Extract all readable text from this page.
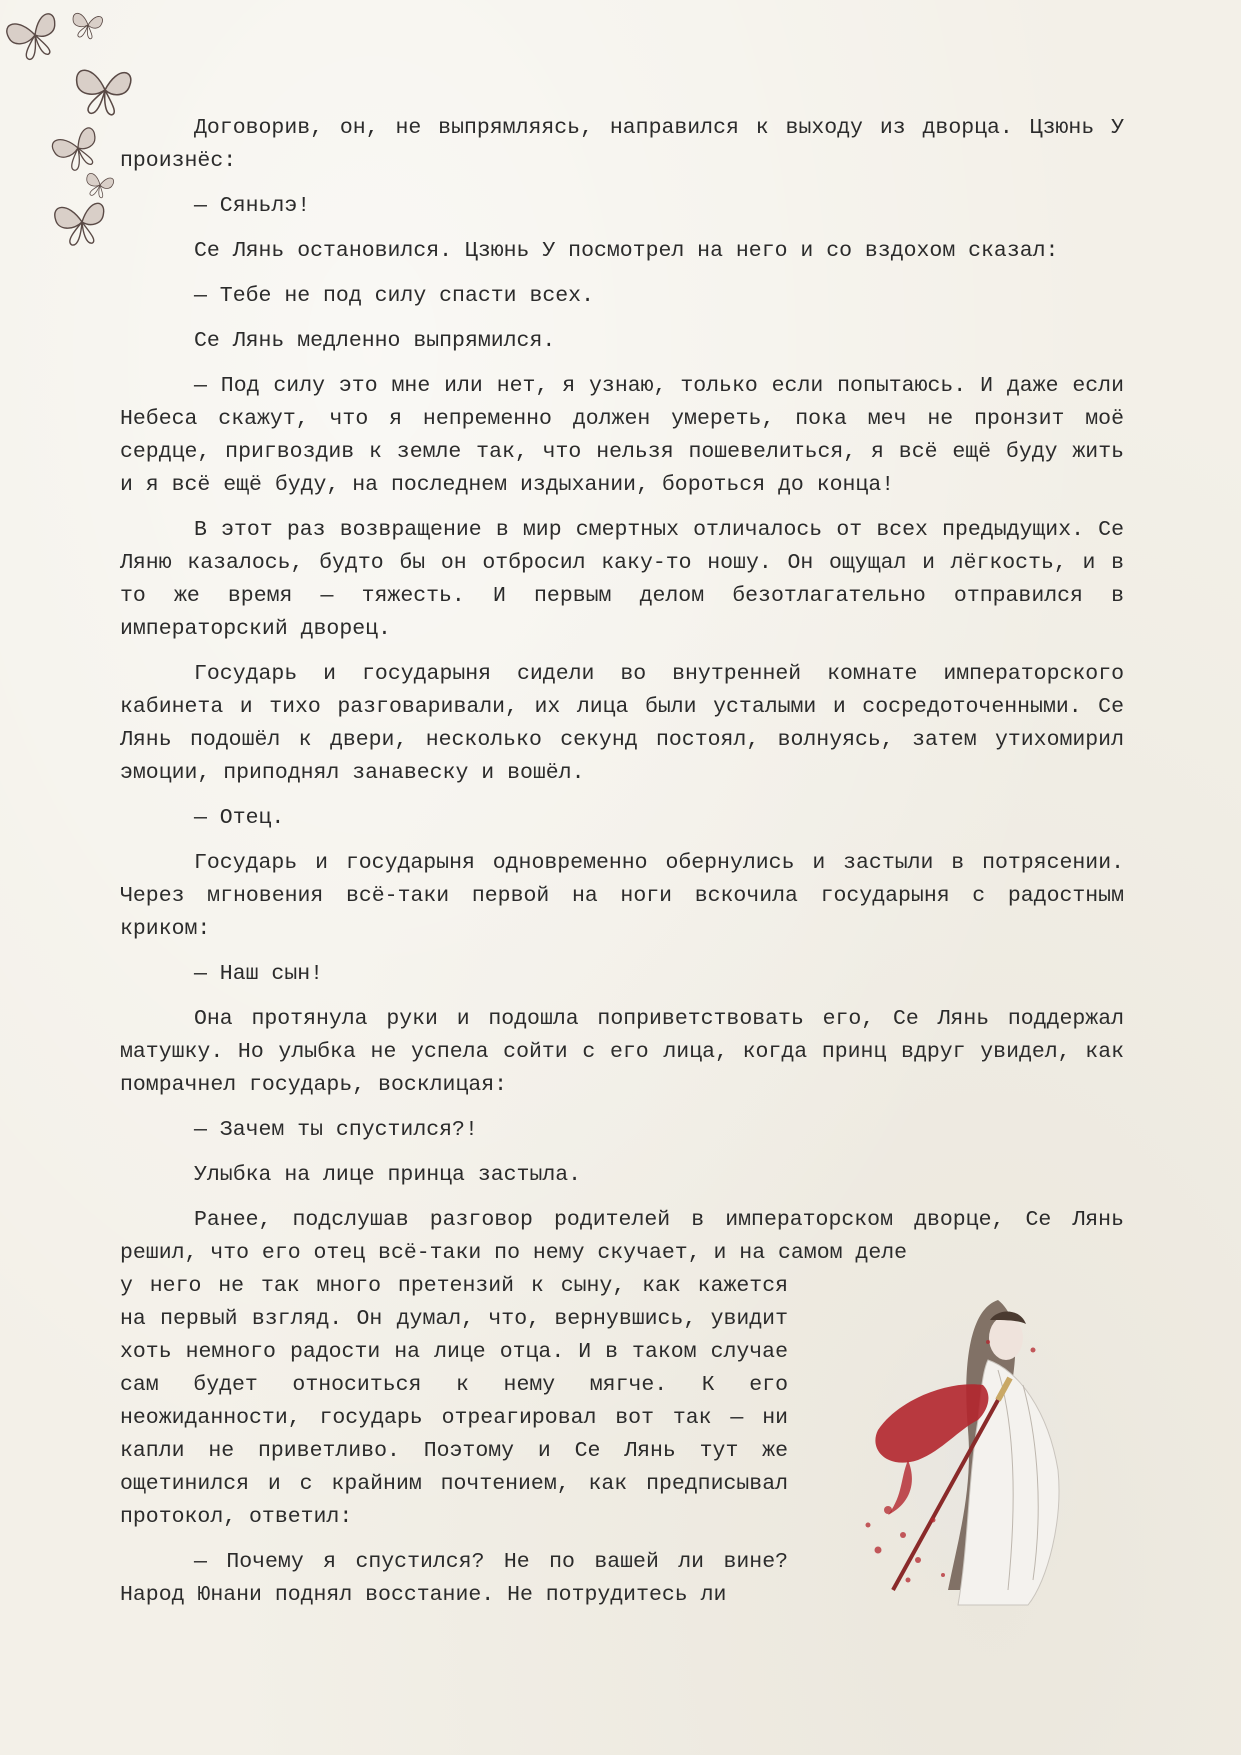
Договорив, он, не выпрямляясь, направился к выходу из дворца. Цзюнь У произнёс:

— Сяньлэ!

Се Лянь остановился. Цзюнь У посмотрел на него и со вздохом сказал:

— Тебе не под силу спасти всех.

Се Лянь медленно выпрямился.

— Под силу это мне или нет, я узнаю, только если попытаюсь. И даже если Небеса скажут, что я непременно должен умереть, пока меч не пронзит моё сердце, пригвоздив к земле так, что нельзя пошевелиться, я всё ещё буду жить и я всё ещё буду, на последнем издыхании, бороться до конца!

В этот раз возвращение в мир смертных отличалось от всех предыдущих. Се Ляню казалось, будто бы он отбросил каку-то ношу. Он ощущал и лёгкость, и в то же время — тяжесть. И первым делом безотлагательно отправился в императорский дворец.

Государь и государыня сидели во внутренней комнате императорского кабинета и тихо разговаривали, их лица были усталыми и сосредоточенными. Се Лянь подошёл к двери, несколько секунд постоял, волнуясь, затем утихомирил эмоции, приподнял занавеску и вошёл.

— Отец.

Государь и государыня одновременно обернулись и застыли в потрясении. Через мгновения всё-таки первой на ноги вскочила государыня с радостным криком:

— Наш сын!

Она протянула руки и подошла поприветствовать его, Се Лянь поддержал матушку. Но улыбка не успела сойти с его лица, когда принц вдруг увидел, как помрачнел государь, восклицая:

— Зачем ты спустился?!

Улыбка на лице принца застыла.

Ранее, подслушав разговор родителей в императорском дворце, Се Лянь решил, что его отец всё-таки по нему скучает, и на самом деле

у него не так много претензий к сыну, как кажется на первый взгляд. Он думал, что, вернувшись, увидит хоть немного радости на лице отца. И в таком случае сам будет относиться к нему мягче. К его неожиданности, государь отреагировал вот так — ни капли не приветливо. Поэтому и Се Лянь тут же ощетинился и с крайним почтением, как предписывал протокол, ответил:

— Почему я спустился? Не по вашей ли вине? Народ Юнани поднял восстание. Не потрудитесь ли
